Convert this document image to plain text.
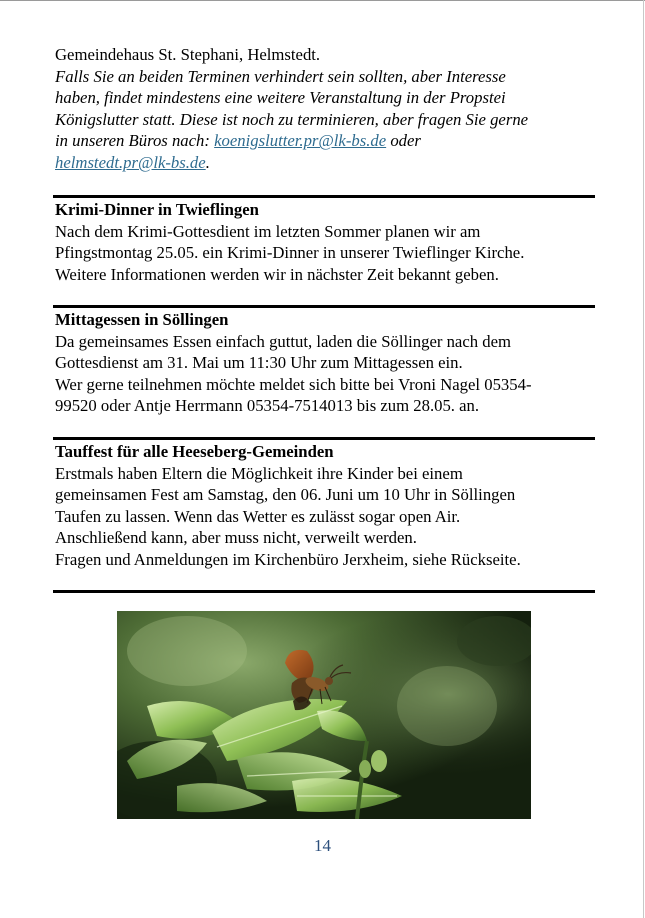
Gemeindehaus St. Stephani, Helmstedt.
Falls Sie an beiden Terminen verhindert sein sollten, aber Interesse
haben, findet mindestens eine weitere Veranstaltung in der Propstei
Königslutter statt. Diese ist noch zu terminieren, aber fragen Sie gerne
in unseren Büros nach: koenigslutter.pr@lk-bs.de oder
helmstedt.pr@lk-bs.de.
Krimi-Dinner in Twieflingen
Nach dem Krimi-Gottesdient im letzten Sommer planen wir am
Pfingstmontag 25.05. ein Krimi-Dinner in unserer Twieflinger Kirche.
Weitere Informationen werden wir in nächster Zeit bekannt geben.
Mittagessen in Söllingen
Da gemeinsames Essen einfach guttut, laden die Söllinger nach dem
Gottesdienst am 31. Mai um 11:30 Uhr zum Mittagessen ein.
Wer gerne teilnehmen möchte meldet sich bitte bei Vroni Nagel 05354-
99520 oder Antje Herrmann 05354-7514013 bis zum 28.05. an.
Tauffest für alle Heeseberg-Gemeinden
Erstmals haben Eltern die Möglichkeit ihre Kinder bei einem
gemeinsamen Fest am Samstag, den 06. Juni um 10 Uhr in Söllingen
Taufen zu lassen. Wenn das Wetter es zulässt sogar open Air.
Anschließend kann, aber muss nicht, verweilt werden.
Fragen und Anmeldungen im Kirchenbüro Jerxheim, siehe Rückseite.
14
